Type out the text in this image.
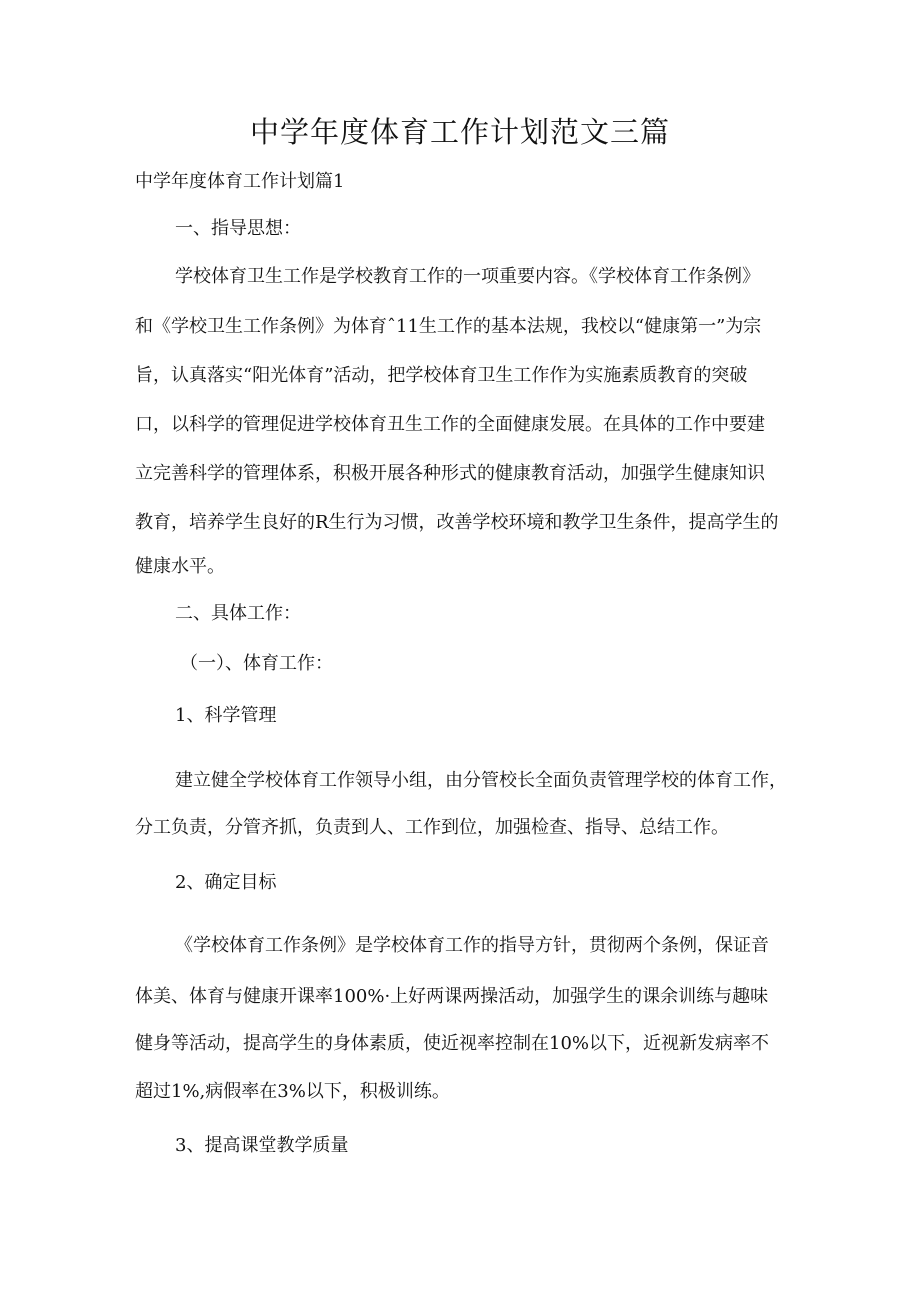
中学年度体育工作计划范文三篇
中学年度体育工作计划篇1
一、指导思想：
学校体育卫生工作是学校教育工作的一项重要内容。《学校体育工作条例》
和《学校卫生工作条例》为体育ˆ11生工作的基本法规，我校以“健康第一”为宗
旨，认真落实“阳光体育”活动，把学校体育卫生工作作为实施素质教育的突破
口，以科学的管理促进学校体育丑生工作的全面健康发展。在具体的工作中要建
立完善科学的管理体系，积极开展各种形式的健康教育活动，加强学生健康知识
教育，培养学生良好的R生行为习惯，改善学校环境和教学卫生条件，提高学生的
健康水平。
二、具体工作：
（一）、体育工作：
1、科学管理
建立健全学校体育工作领导小组，由分管校长全面负责管理学校的体育工作，
分工负责，分管齐抓，负责到人、工作到位，加强检查、指导、总结工作。
2、确定目标
《学校体育工作条例》是学校体育工作的指导方针，贯彻两个条例，保证音
体美、体育与健康开课率100%·上好两课两操活动，加强学生的课余训练与趣味
健身等活动，提高学生的身体素质，使近视率控制在10%以下，近视新发病率不
超过1%,病假率在3%以下，积极训练。
3、提高课堂教学质量
